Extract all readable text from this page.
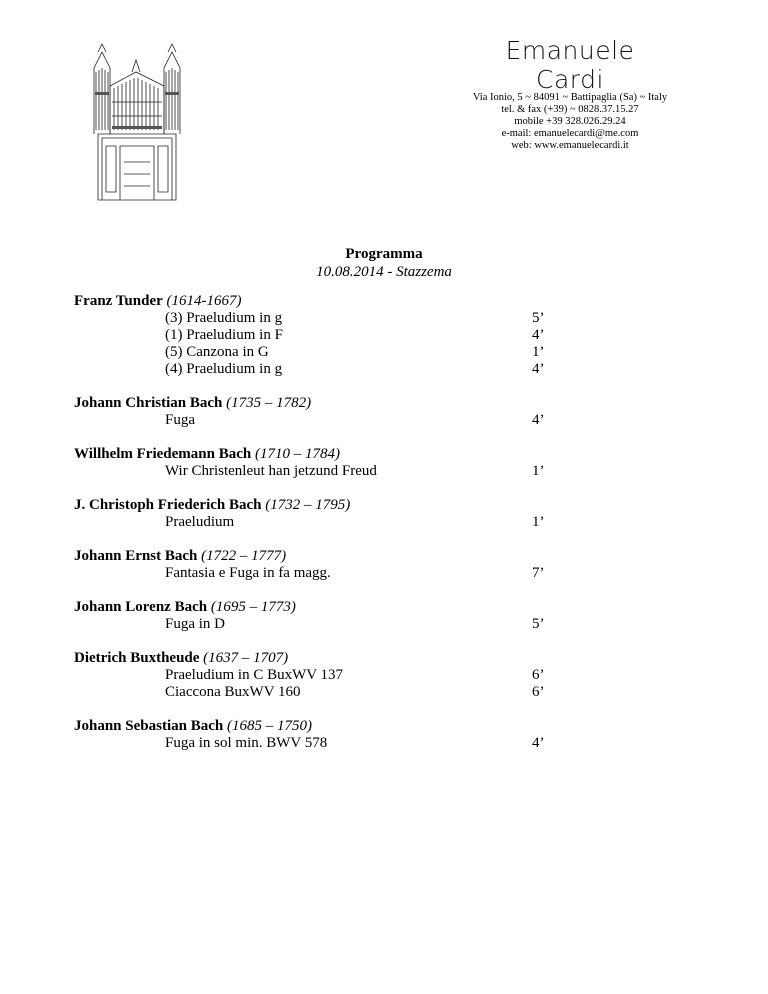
Emanuele Cardi
Via Ionio, 5 ~ 84091 ~ Battipaglia (Sa) ~ Italy
tel. & fax (+39) ~ 0828.37.15.27
mobile +39 328.026.29.24
e-mail: emanuelecardi@me.com
web: www.emanuelecardi.it
Programma
10.08.2014 - Stazzema
Franz Tunder (1614-1667)
(3) Praeludium in g	5’
(1) Praeludium in F	4’
(5) Canzona in G	1’
(4) Praeludium in g	4’
Johann Christian Bach (1735 – 1782)
Fuga	4’
Willhelm Friedemann Bach (1710 – 1784)
Wir Christenleut han jetzund Freud	1’
J. Christoph Friederich Bach (1732 – 1795)
Praeludium	1’
Johann Ernst Bach (1722 – 1777)
Fantasia e Fuga in fa magg.	7’
Johann Lorenz Bach (1695 – 1773)
Fuga in D	5’
Dietrich Buxtheude (1637 – 1707)
Praeludium in C BuxWV 137	6’
Ciaccona BuxWV 160	6’
Johann Sebastian Bach (1685 – 1750)
Fuga in sol min. BWV 578	4’
